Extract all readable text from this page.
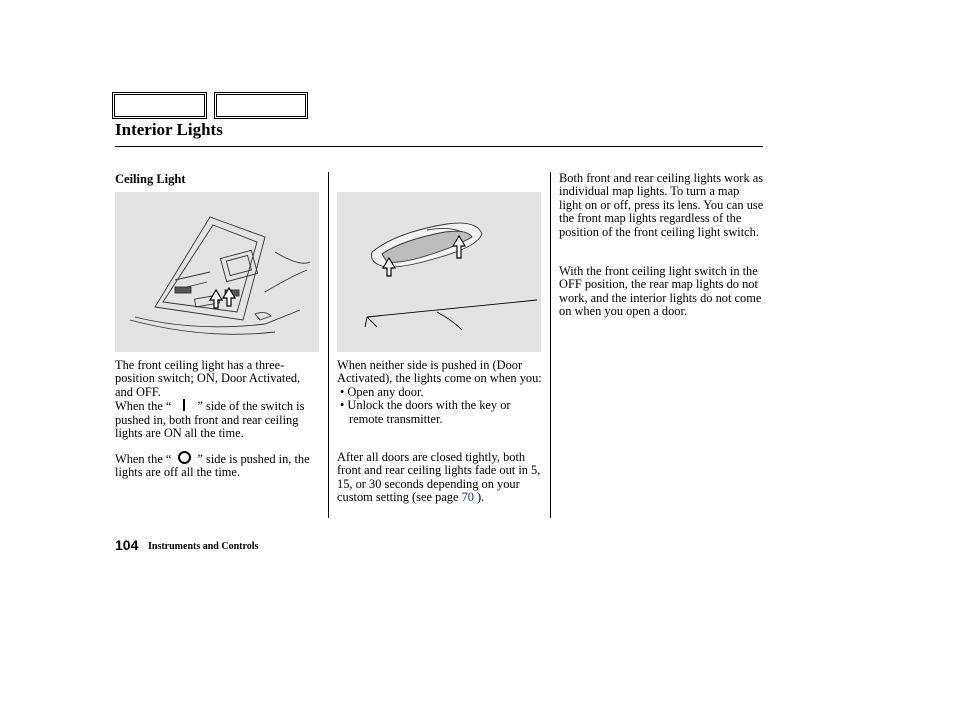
Interior Lights
Ceiling Light

The front ceiling light has a three-position switch; ON, Door Activated, and OFF.

When the “ ” side of the switch is pushed in, both front and rear ceiling lights are ON all the time.

When the “ ” side is pushed in, the lights are off all the time.

When neither side is pushed in (Door Activated), the lights come on when you:

• Open any door.

• Unlock the doors with the key or remote transmitter.

After all doors are closed tightly, both front and rear ceiling lights fade out in 5, 15, or 30 seconds depending on your custom setting (see page 70 ).

Both front and rear ceiling lights work as individual map lights. To turn a map light on or off, press its lens. You can use the front map lights regardless of the position of the front ceiling light switch.

With the front ceiling light switch in the OFF position, the rear map lights do not work, and the interior lights do not come on when you open a door.

104 Instruments and Controls
